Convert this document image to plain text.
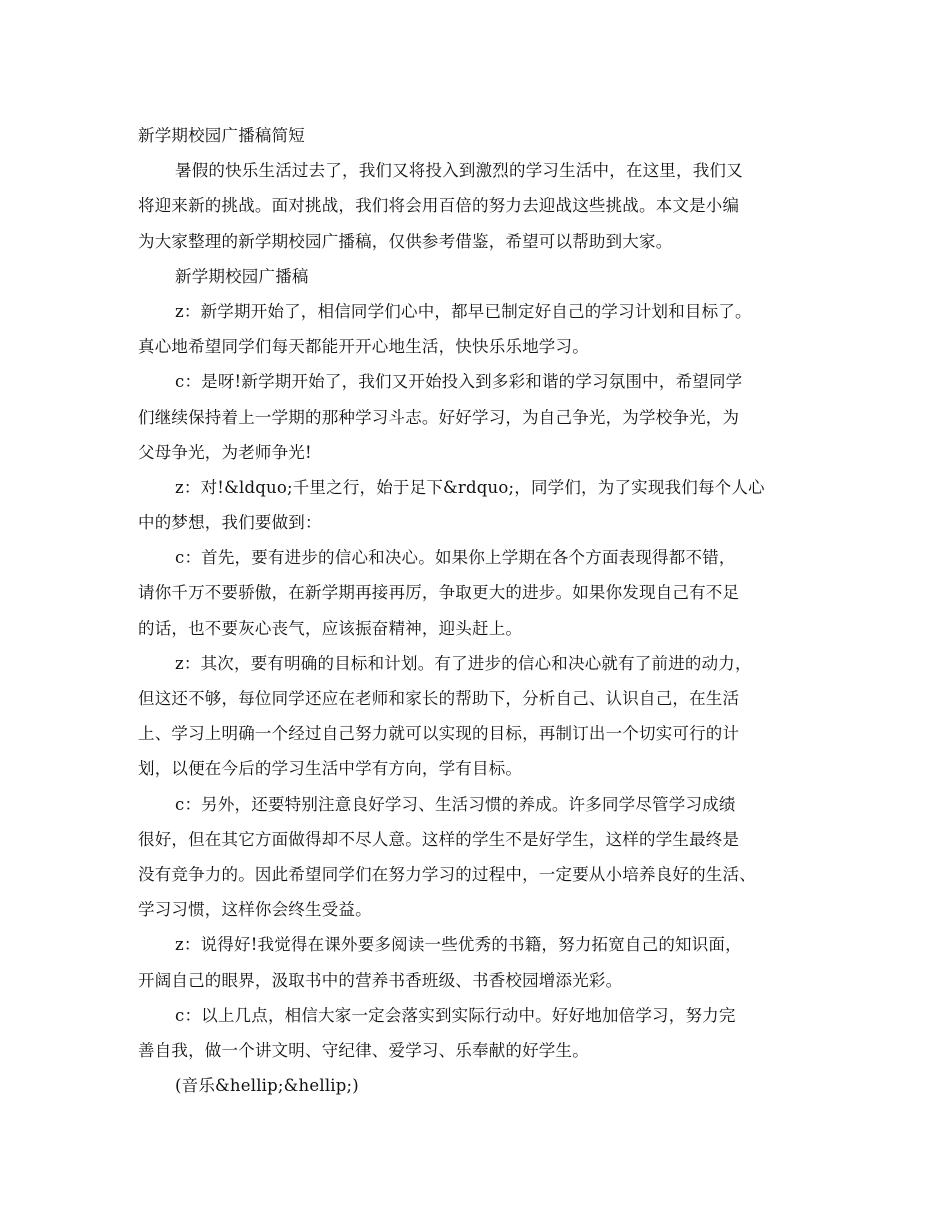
新学期校园广播稿简短
暑假的快乐生活过去了，我们又将投入到激烈的学习生活中，在这里，我们又
将迎来新的挑战。面对挑战，我们将会用百倍的努力去迎战这些挑战。本文是小编
为大家整理的新学期校园广播稿，仅供参考借鉴，希望可以帮助到大家。
新学期校园广播稿
z：新学期开始了，相信同学们心中，都早已制定好自己的学习计划和目标了。
真心地希望同学们每天都能开开心地生活，快快乐乐地学习。
c：是呀!新学期开始了，我们又开始投入到多彩和谐的学习氛围中，希望同学
们继续保持着上一学期的那种学习斗志。好好学习，为自己争光，为学校争光，为
父母争光，为老师争光!
z：对!&ldquo;千里之行，始于足下&rdquo;，同学们，为了实现我们每个人心
中的梦想，我们要做到：
c：首先，要有进步的信心和决心。如果你上学期在各个方面表现得都不错，
请你千万不要骄傲，在新学期再接再厉，争取更大的进步。如果你发现自己有不足
的话，也不要灰心丧气，应该振奋精神，迎头赶上。
z：其次，要有明确的目标和计划。有了进步的信心和决心就有了前进的动力，
但这还不够，每位同学还应在老师和家长的帮助下，分析自己、认识自己，在生活
上、学习上明确一个经过自己努力就可以实现的目标，再制订出一个切实可行的计
划，以便在今后的学习生活中学有方向，学有目标。
c：另外，还要特别注意良好学习、生活习惯的养成。许多同学尽管学习成绩
很好，但在其它方面做得却不尽人意。这样的学生不是好学生，这样的学生最终是
没有竞争力的。因此希望同学们在努力学习的过程中，一定要从小培养良好的生活、
学习习惯，这样你会终生受益。
z：说得好!我觉得在课外要多阅读一些优秀的书籍，努力拓宽自己的知识面，
开阔自己的眼界，汲取书中的营养书香班级、书香校园增添光彩。
c：以上几点，相信大家一定会落实到实际行动中。好好地加倍学习，努力完
善自我，做一个讲文明、守纪律、爱学习、乐奉献的好学生。
(音乐&hellip;&hellip;)
